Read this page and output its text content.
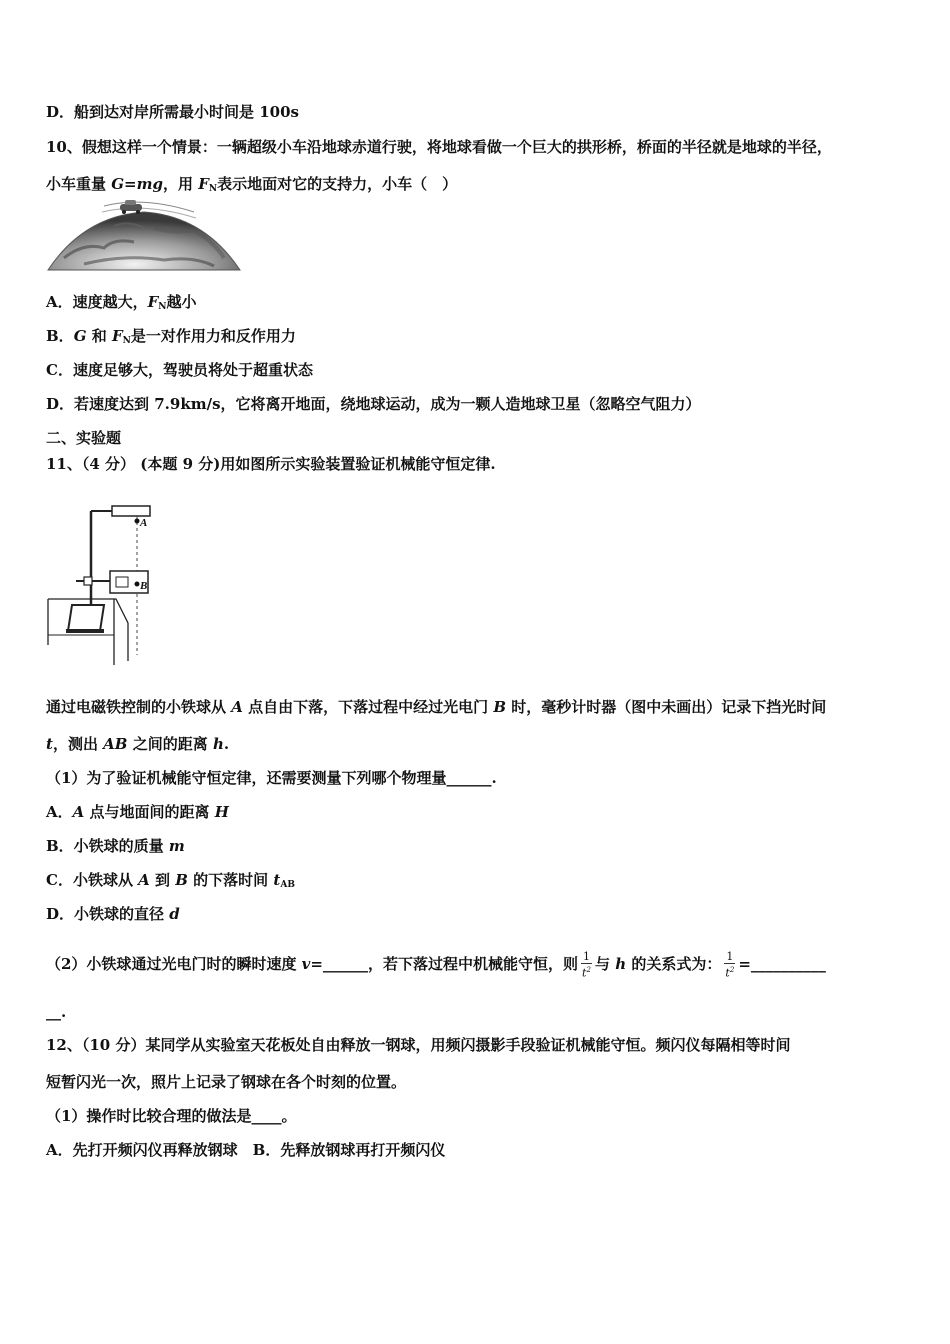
D．船到达对岸所需最小时间是 100s
10、假想这样一个情景：一辆超级小车沿地球赤道行驶，将地球看做一个巨大的拱形桥，桥面的半径就是地球的半径，
小车重量 G=mg，用 $F_N$表示地面对它的支持力，小车（　）
A．速度越大，$F_N$越小
B．G 和 $F_N$是一对作用力和反作用力
C．速度足够大，驾驶员将处于超重状态
D．若速度达到 7.9km/s，它将离开地面，绕地球运动，成为一颗人造地球卫星（忽略空气阻力）
二、实验题
11、（4 分） (本题 9 分)用如图所示实验装置验证机械能守恒定律.
A
B
通过电磁铁控制的小铁球从 A 点自由下落，下落过程中经过光电门 B 时，毫秒计时器（图中未画出）记录下挡光时间
t，测出 AB 之间的距离 h.
（1）为了验证机械能守恒定律，还需要测量下列哪个物理量______.
A．A 点与地面间的距离 H
B．小铁球的质量 m
C．小铁球从 A 到 B 的下落时间 $t_{AB}$
D．小铁球的直径 d
（2）小铁球通过光电门时的瞬时速度 v=______，若下落过程中机械能守恒，则 $\frac{1}{t^2}$ 与 h 的关系式为： $\frac{1}{t^2}$ =__________
__.
12、（10 分）某同学从实验室天花板处自由释放一钢球，用频闪摄影手段验证机械能守恒。频闪仪每隔相等时间
短暂闪光一次，照片上记录了钢球在各个时刻的位置。
（1）操作时比较合理的做法是____。
A．先打开频闪仪再释放钢球　B．先释放钢球再打开频闪仪
